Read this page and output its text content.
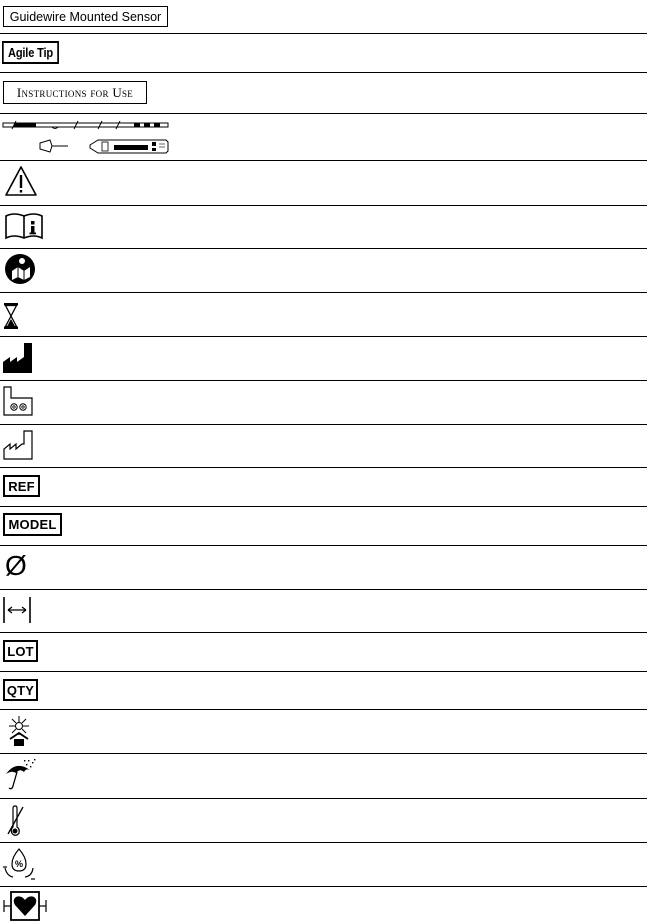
Guidewire Mounted Sensor
Agile Tip
Instructions for Use
REF
MODEL
Ø
LOT
QTY
%
